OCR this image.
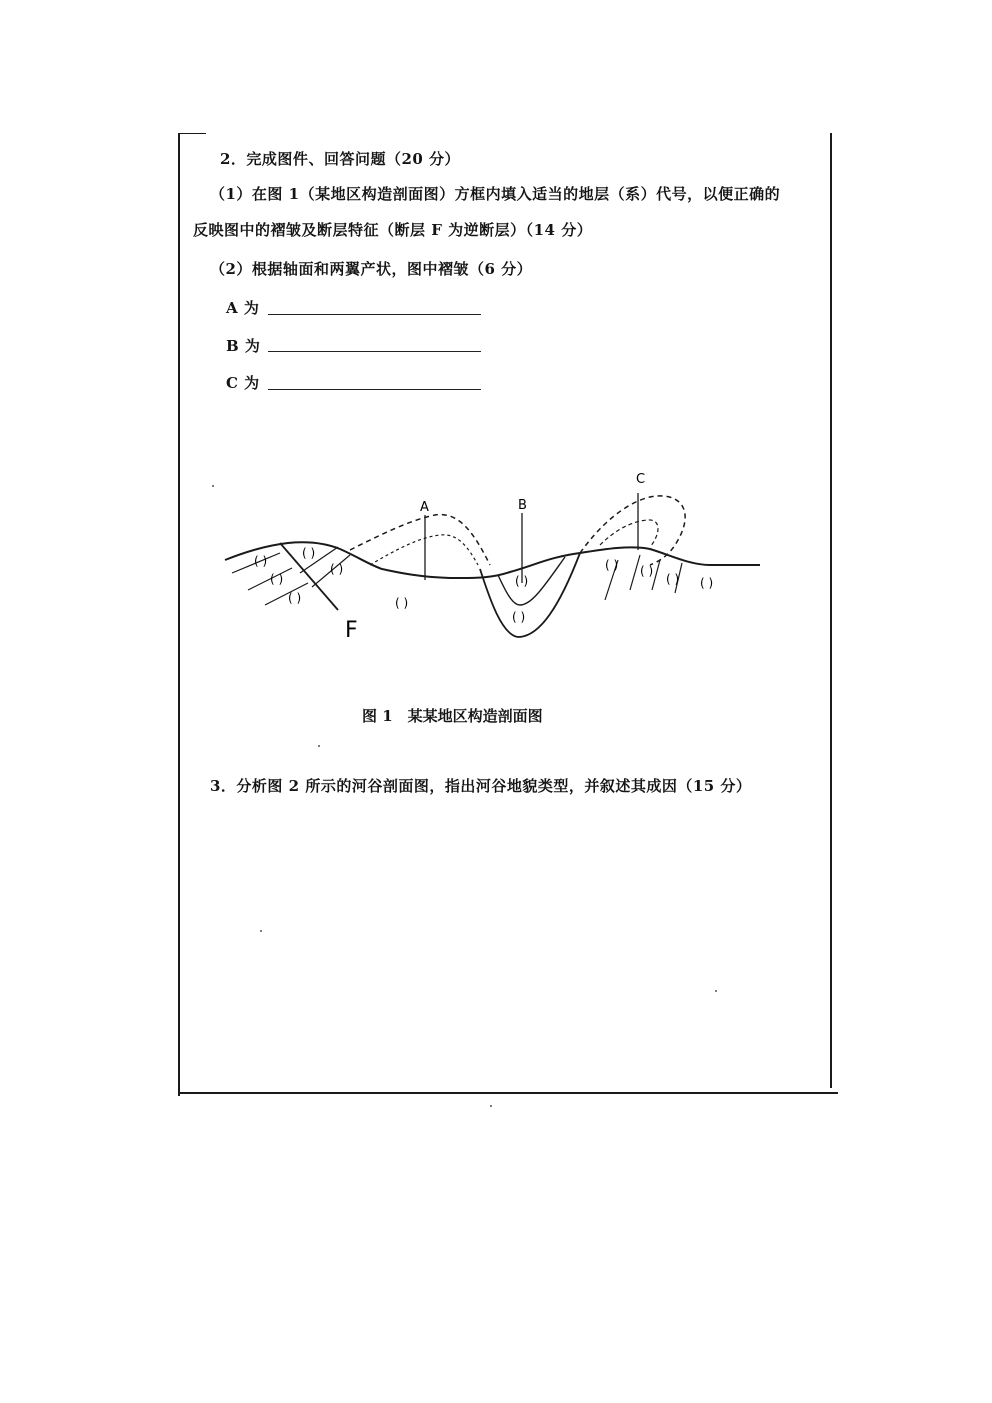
2．完成图件、回答问题（20 分）
（1）在图 1（某地区构造剖面图）方框内填入适当的地层（系）代号，以便正确的
反映图中的褶皱及断层特征（断层 F 为逆断层）（14 分）
（2）根据轴面和两翼产状，图中褶皱（6 分）
A 为
B 为
C 为
A	B
C
F
( )
( )
( )
( )
( )
( )
( )
( )
( ) ( )
( ) ( )
图 1　某某地区构造剖面图
3．分析图 2 所示的河谷剖面图，指出河谷地貌类型，并叙述其成因（15 分）
